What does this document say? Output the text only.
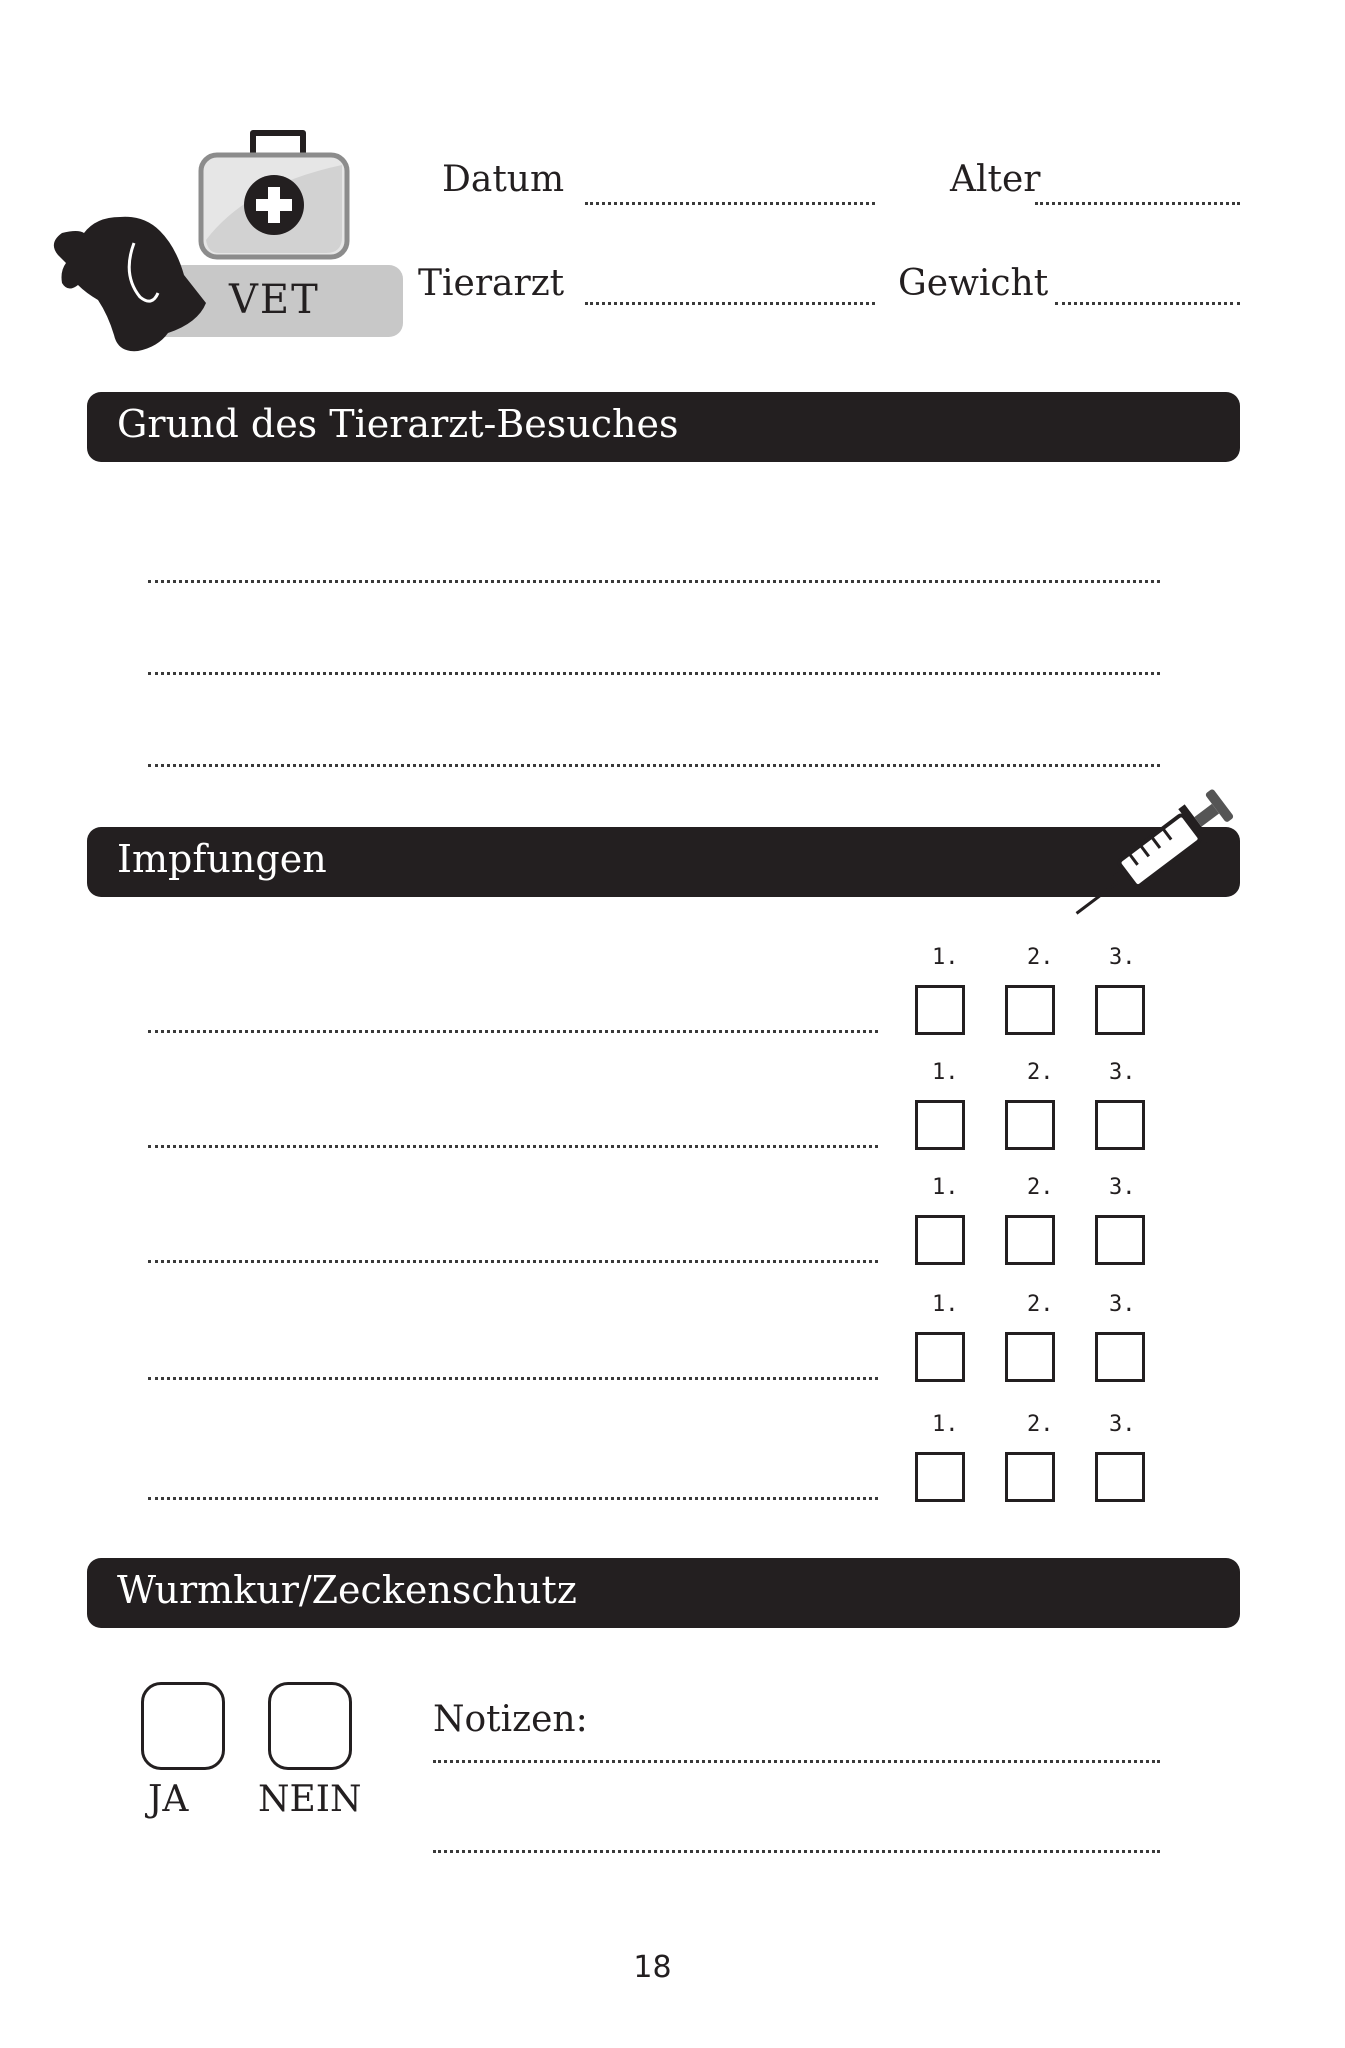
VET
Datum	Alter
Tierarzt	Gewicht
Grund des Tierarzt-Besuches
Impfungen
1.	2.	3.
1.	2.	3.
1.	2.	3.
1.	2.	3.
1.	2.	3.
Wurmkur/Zeckenschutz
JA NEIN
Notizen:
18
